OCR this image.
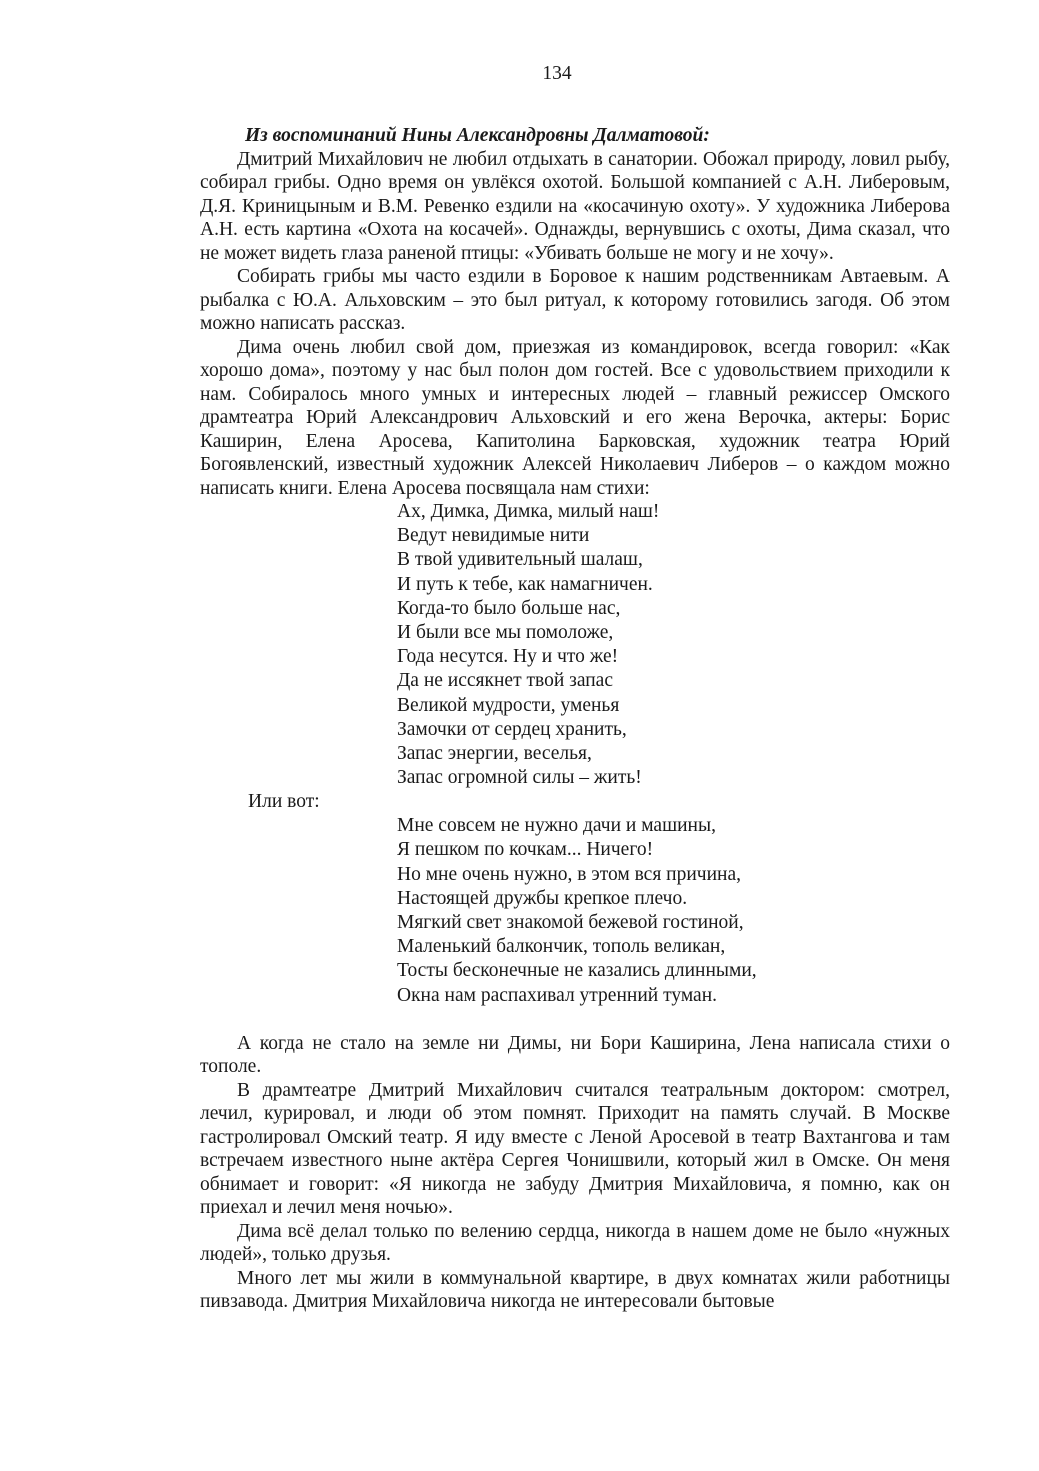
134

Из воспоминаний Нины Александровны Далматовой:

Дмитрий Михайлович не любил отдыхать в санатории. Обожал природу, ловил рыбу, собирал грибы. Одно время он увлёкся охотой. Большой компанией с А.Н. Либеровым, Д.Я. Криницыным и В.М. Ревенко ездили на «косачиную охоту». У художника Либерова А.Н. есть картина «Охота на косачей». Однажды, вернувшись с охоты, Дима сказал, что не может видеть глаза раненой птицы: «Убивать больше не могу и не хочу».

Собирать грибы мы часто ездили в Боровое к нашим родственникам Автаевым. А рыбалка с Ю.А. Альховским – это был ритуал, к которому готовились загодя. Об этом можно написать рассказ.

Дима очень любил свой дом, приезжая из командировок, всегда говорил: «Как хорошо дома», поэтому у нас был полон дом гостей. Все с удовольствием приходили к нам. Собиралось много умных и интересных людей – главный режиссер Омского драмтеатра Юрий Александрович Альховский и его жена Верочка, актеры: Борис Каширин, Елена Аросева, Капитолина Барковская, художник театра Юрий Богоявленский, известный художник Алексей Николаевич Либеров – о каждом можно написать книги. Елена Аросева посвящала нам стихи:

Ах, Димка, Димка, милый наш!
Ведут невидимые нити
В твой удивительный шалаш,
И путь к тебе, как намагничен.
Когда-то было больше нас,
И были все мы помоложе,
Года несутся. Ну и что же!
Да не иссякнет твой запас
Великой мудрости, уменья
Замочки от сердец хранить,
Запас энергии, веселья,
Запас огромной силы – жить!

Или вот:

Мне совсем не нужно дачи и машины,
Я пешком по кочкам... Ничего!
Но мне очень нужно, в этом вся причина,
Настоящей дружбы крепкое плечо.
Мягкий свет знакомой бежевой гостиной,
Маленький балкончик, тополь великан,
Тосты бесконечные не казались длинными,
Окна нам распахивал утренний туман.

А когда не стало на земле ни Димы, ни Бори Каширина, Лена написала стихи о тополе.

В драмтеатре Дмитрий Михайлович считался театральным доктором: смотрел, лечил, курировал, и люди об этом помнят. Приходит на память случай. В Москве гастролировал Омский театр. Я иду вместе с Леной Аросевой в театр Вахтангова и там встречаем известного ныне актёра Сергея Чонишвили, который жил в Омске. Он меня обнимает и говорит: «Я никогда не забуду Дмитрия Михайловича, я помню, как он приехал и лечил меня ночью».

Дима всё делал только по велению сердца, никогда в нашем доме не было «нужных людей», только друзья.

Много лет мы жили в коммунальной квартире, в двух комнатах жили работницы пивзавода. Дмитрия Михайловича никогда не интересовали бытовые
